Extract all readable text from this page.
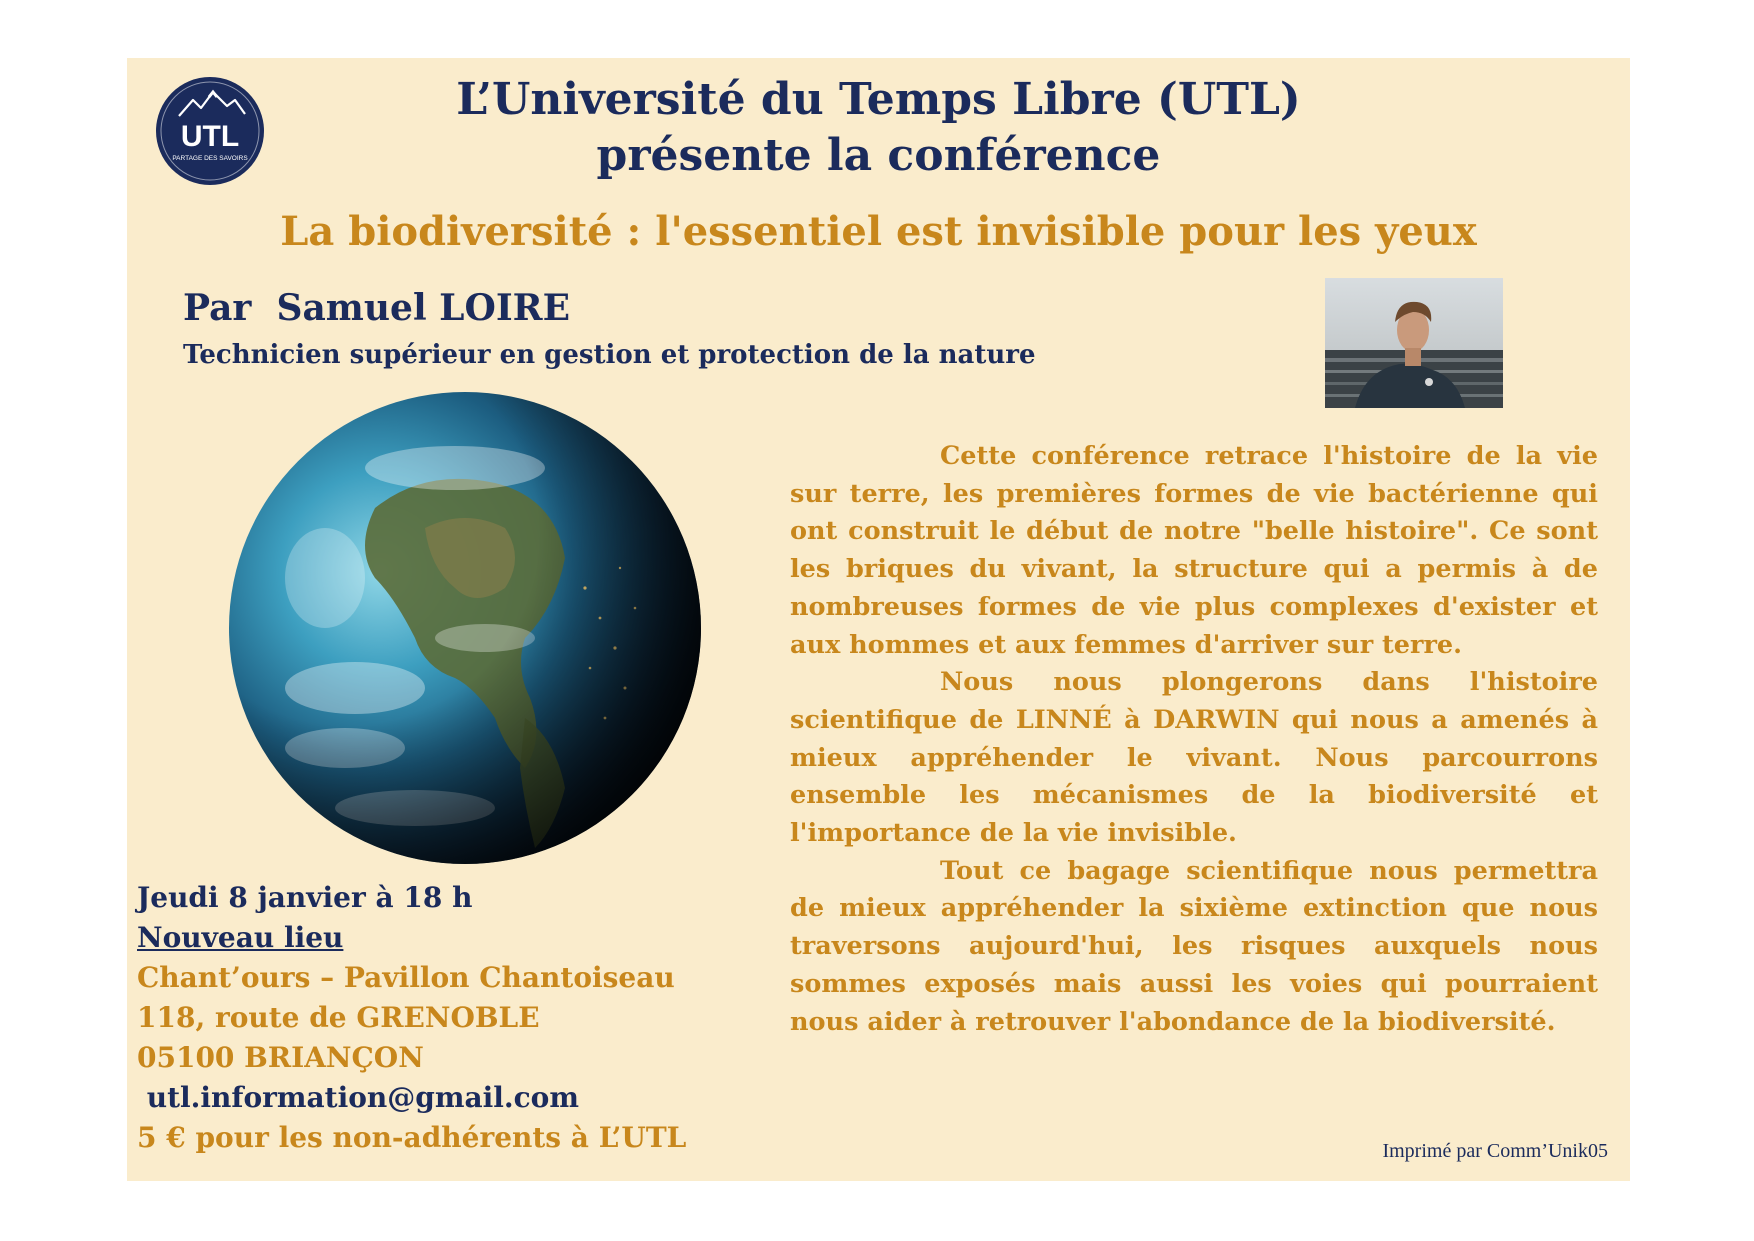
UTL
PARTAGE DES SAVOIRS
L’Université du Temps Libre (UTL)
présente la conférence
La biodiversité : l'essentiel est invisible pour les yeux
Par  Samuel LOIRE
Technicien supérieur en gestion et protection de la nature

Cette conférence retrace l'histoire de la vie sur terre, les premières formes de vie bactérienne qui ont construit le début de notre "belle histoire". Ce sont les briques du vivant, la structure qui a permis à de nombreuses formes de vie plus complexes d'exister et aux hommes et aux femmes d'arriver sur terre.

Nous nous plongerons dans l'histoire scientifique de LINNÉ à DARWIN qui nous a amenés à mieux appréhender le vivant. Nous parcourrons ensemble les mécanismes de la biodiversité et l'importance de la vie invisible.

Tout ce bagage scientifique nous permettra de mieux appréhender la sixième extinction que nous traversons aujourd'hui, les risques auxquels nous sommes exposés mais aussi les voies qui pourraient nous aider à retrouver l'abondance de la biodiversité.

Jeudi 8 janvier à 18 h
Nouveau lieu
Chant’ours – Pavillon Chantoiseau
118, route de GRENOBLE
05100 BRIANÇON
utl.information@gmail.com
5 € pour les non-adhérents à L’UTL	Imprimé par Comm’Unik05
